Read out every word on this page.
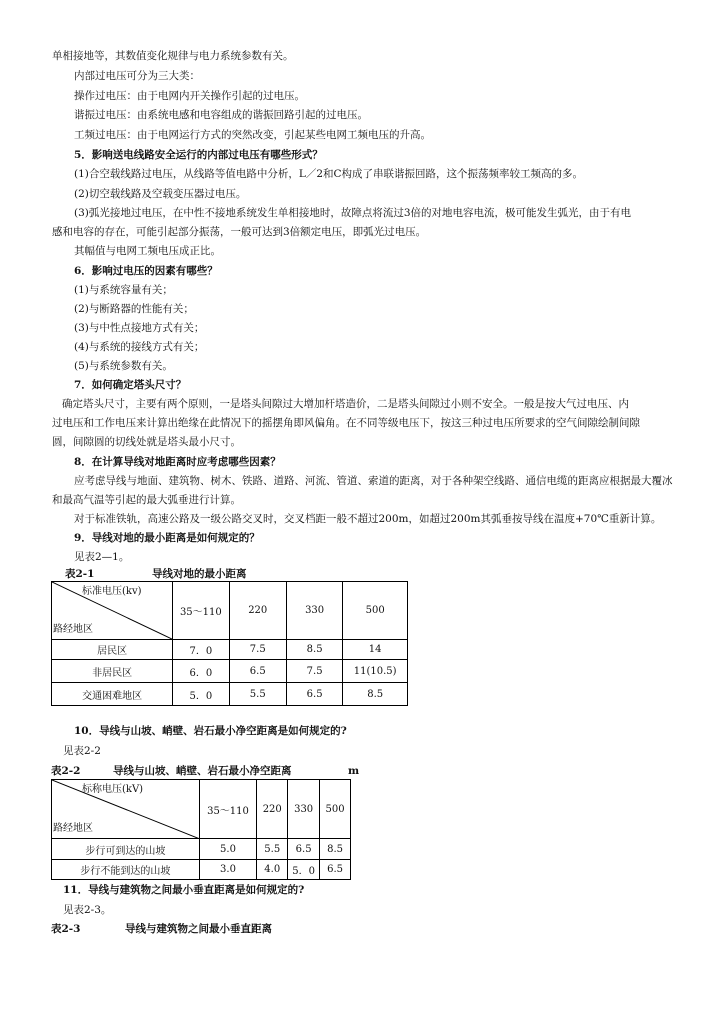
单相接地等，其数值变化规律与电力系统参数有关。
内部过电压可分为三大类：
操作过电压：由于电网内开关操作引起的过电压。
谐振过电压：由系统电感和电容组成的谐振回路引起的过电压。
工频过电压：由于电网运行方式的突然改变，引起某些电网工频电压的升高。
5．影响送电线路安全运行的内部过电压有哪些形式？
(1)合空载线路过电压，从线路等值电路中分析，L／2和C构成了串联谐振回路，这个振荡频率较工频高的多。
(2)切空载线路及空载变压器过电压。
(3)弧光接地过电压，在中性不接地系统发生单相接地时，故障点将流过3倍的对地电容电流，极可能发生弧光，由于有电
感和电容的存在，可能引起部分振荡，一般可达到3倍额定电压，即弧光过电压。
其幅值与电网工频电压成正比。
6．影响过电压的因素有哪些？
(1)与系统容量有关；
(2)与断路器的性能有关；
(3)与中性点接地方式有关；
(4)与系统的接线方式有关；
(5)与系统参数有关。
7．如何确定塔头尺寸？
确定塔头尺寸，主要有两个原则，一是塔头间隙过大增加杆塔造价，二是塔头间隙过小则不安全。一般是按大气过电压、内
过电压和工作电压来计算出绝缘在此情况下的摇摆角即风偏角。在不同等级电压下，按这三种过电压所要求的空气间隙绘制间隙
圆，间隙圆的切线处就是塔头最小尺寸。
8．在计算导线对地距离时应考虑哪些因素？
应考虑导线与地面、建筑物、树木、铁路、道路、河流、管道、索道的距离，对于各种架空线路、通信电缆的距离应根据最大覆冰
和最高气温等引起的最大弧垂进行计算。
对于标准铁轨，高速公路及一级公路交叉时，交叉档距一般不超过200m，如超过200m其弧垂按导线在温度+70℃重新计算。
9．导线对地的最小距离是如何规定的？
见表2—1。
表2-1	导线对地的最小距离
标准电压(kv)
路经地区	35～110	220	330	500
居民区	7．0	7.5	8.5	14
非居民区	6．0	6.5	7.5	11(10.5)
交通困难地区	5．0	5.5	6.5	8.5
10．导线与山坡、峭壁、岩石最小净空距离是如何规定的?
见表2-2
表2-2	导线与山坡、峭壁、岩石最小净空距离	m
标称电压(kV)
路经地区	35～110	220	330	500
步行可到达的山坡	5.0	5.5	6.5	8.5
步行不能到达的山坡	3.0	4.0	5．0	6.5
11．导线与建筑物之间最小垂直距离是如何规定的?
见表2-3。
表2-3	导线与建筑物之间最小垂直距离
